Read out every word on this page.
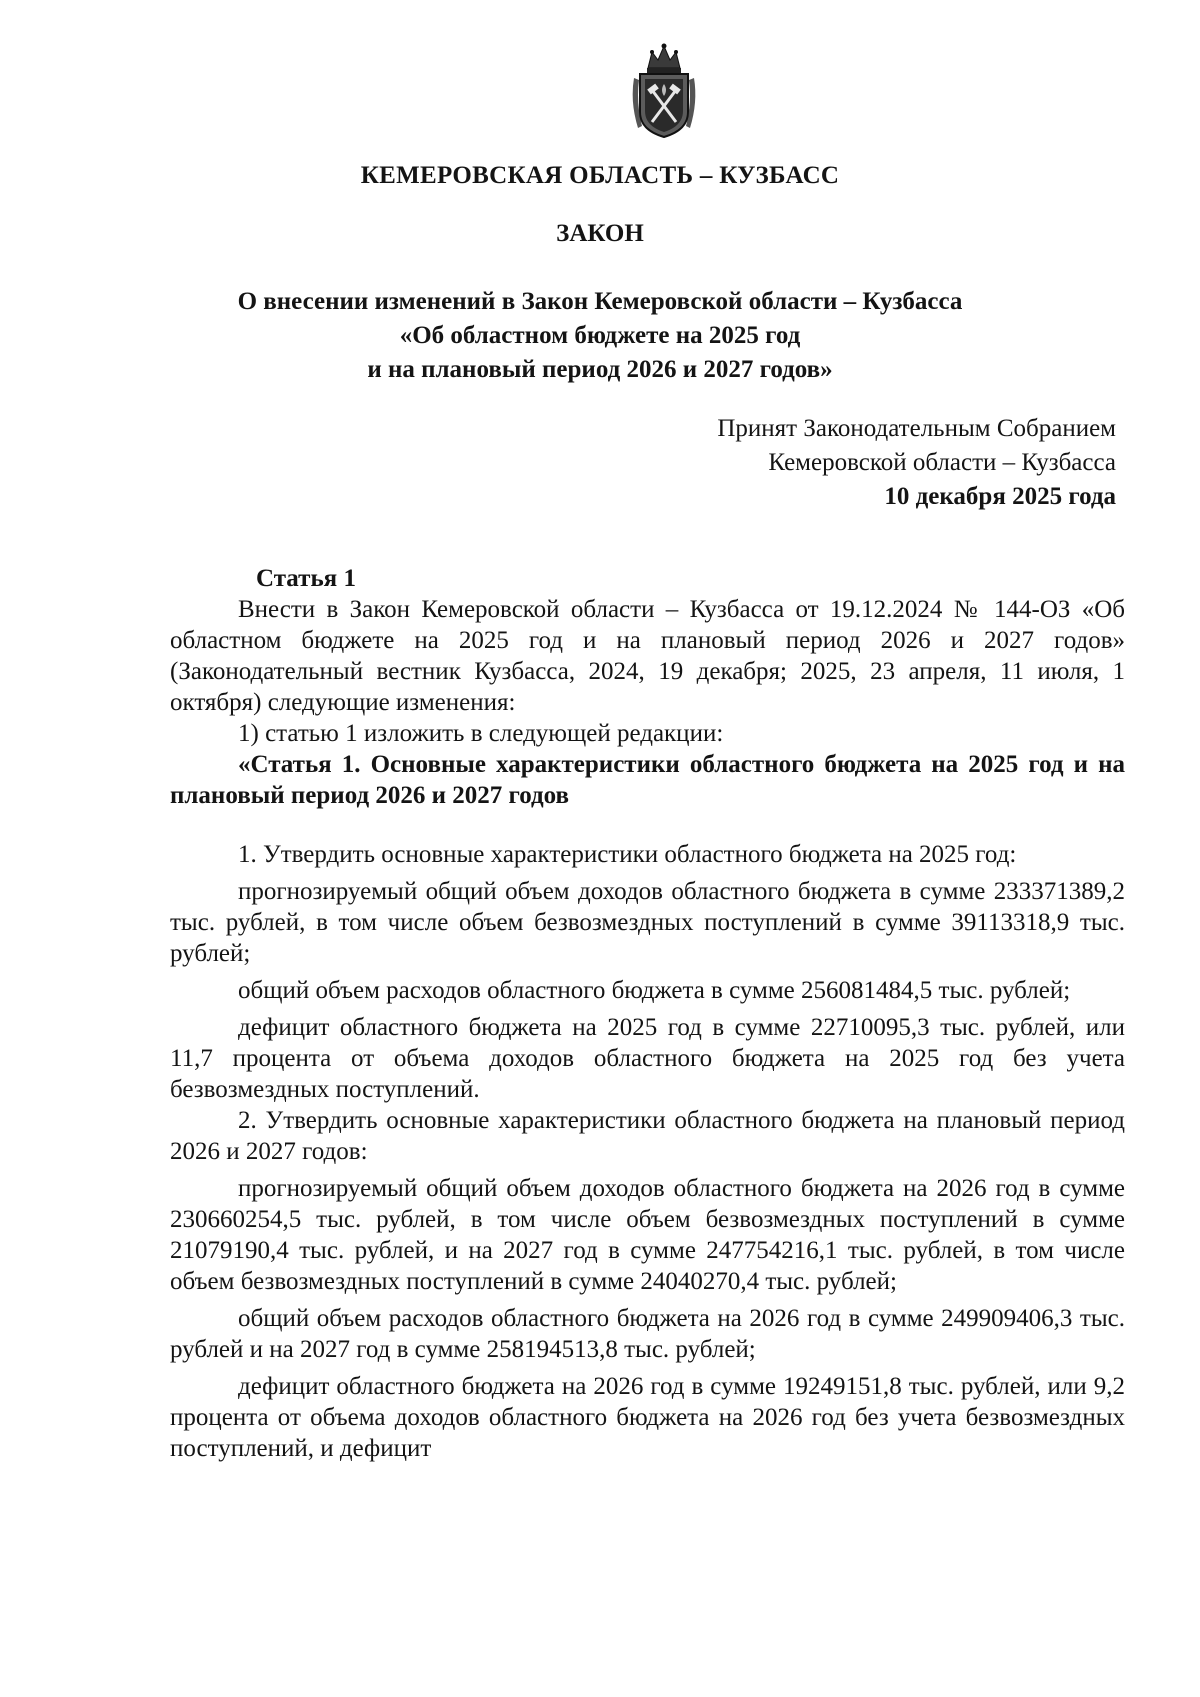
КЕМЕРОВСКАЯ ОБЛАСТЬ – КУЗБАСС
ЗАКОН
О внесении изменений в Закон Кемеровской области – Кузбасса
«Об областном бюджете на 2025 год
и на плановый период 2026 и 2027 годов»
Принят Законодательным Собранием
Кемеровской области – Кузбасса
10 декабря 2025 года

Статья 1

Внести в Закон Кемеровской области – Кузбасса от 19.12.2024 № 144-ОЗ «Об областном бюджете на 2025 год и на плановый период 2026 и 2027 годов» (Законодательный вестник Кузбасса, 2024, 19 декабря; 2025, 23 апреля, 11 июля, 1 октября) следующие изменения:

1) статью 1 изложить в следующей редакции:

«Статья 1. Основные характеристики областного бюджета на 2025 год и на плановый период 2026 и 2027 годов

1. Утвердить основные характеристики областного бюджета на 2025 год:

прогнозируемый общий объем доходов областного бюджета в сумме 233371389,2 тыс. рублей, в том числе объем безвозмездных поступлений в сумме 39113318,9 тыс. рублей;

общий объем расходов областного бюджета в сумме 256081484,5 тыс. рублей;

дефицит областного бюджета на 2025 год в сумме 22710095,3 тыс. рублей, или 11,7 процента от объема доходов областного бюджета на 2025 год без учета безвозмездных поступлений.

2. Утвердить основные характеристики областного бюджета на плановый период 2026 и 2027 годов:

прогнозируемый общий объем доходов областного бюджета на 2026 год в сумме 230660254,5 тыс. рублей, в том числе объем безвозмездных поступлений в сумме 21079190,4 тыс. рублей, и на 2027 год в сумме 247754216,1 тыс. рублей, в том числе объем безвозмездных поступлений в сумме 24040270,4 тыс. рублей;

общий объем расходов областного бюджета на 2026 год в сумме 249909406,3 тыс. рублей и на 2027 год в сумме 258194513,8 тыс. рублей;

дефицит областного бюджета на 2026 год в сумме 19249151,8 тыс. рублей, или 9,2 процента от объема доходов областного бюджета на 2026 год без учета безвозмездных поступлений, и дефицит
